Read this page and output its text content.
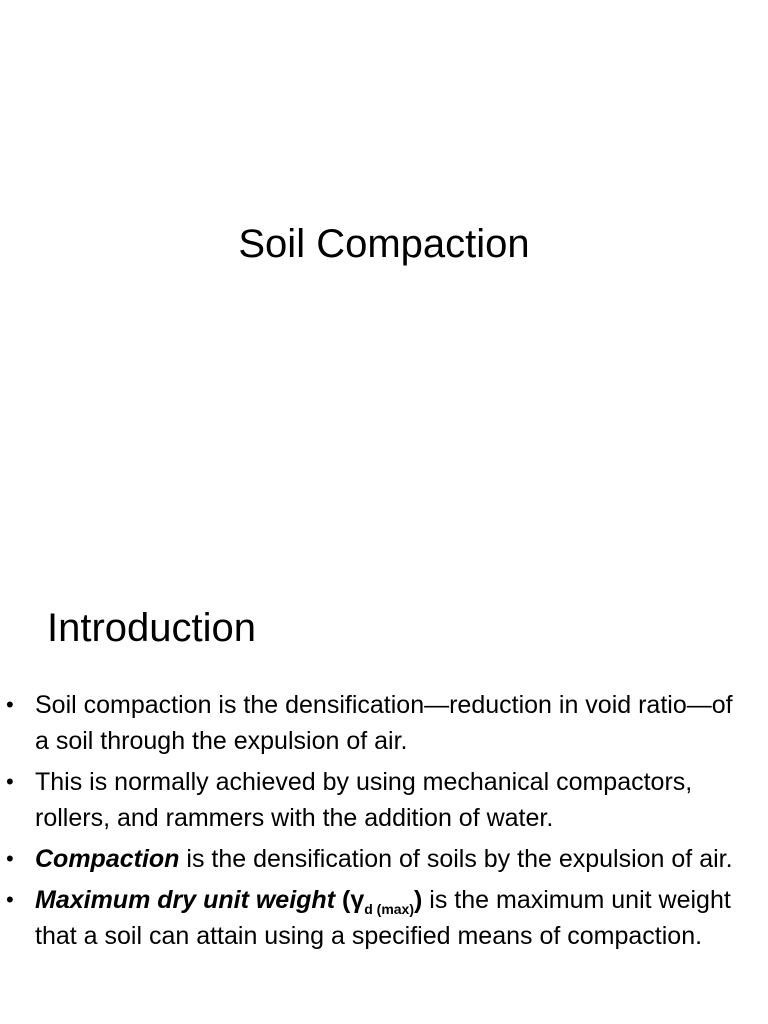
Soil Compaction
Introduction
• Soil compaction is the densification—reduction in void ratio—of a soil through the expulsion of air.
• This is normally achieved by using mechanical compactors, rollers, and rammers with the addition of water.
• Compaction is the densification of soils by the expulsion of air.
• Maximum dry unit weight $(\gamma_{d (max)})$ is the maximum unit weight that a soil can attain using a specified means of compaction.
